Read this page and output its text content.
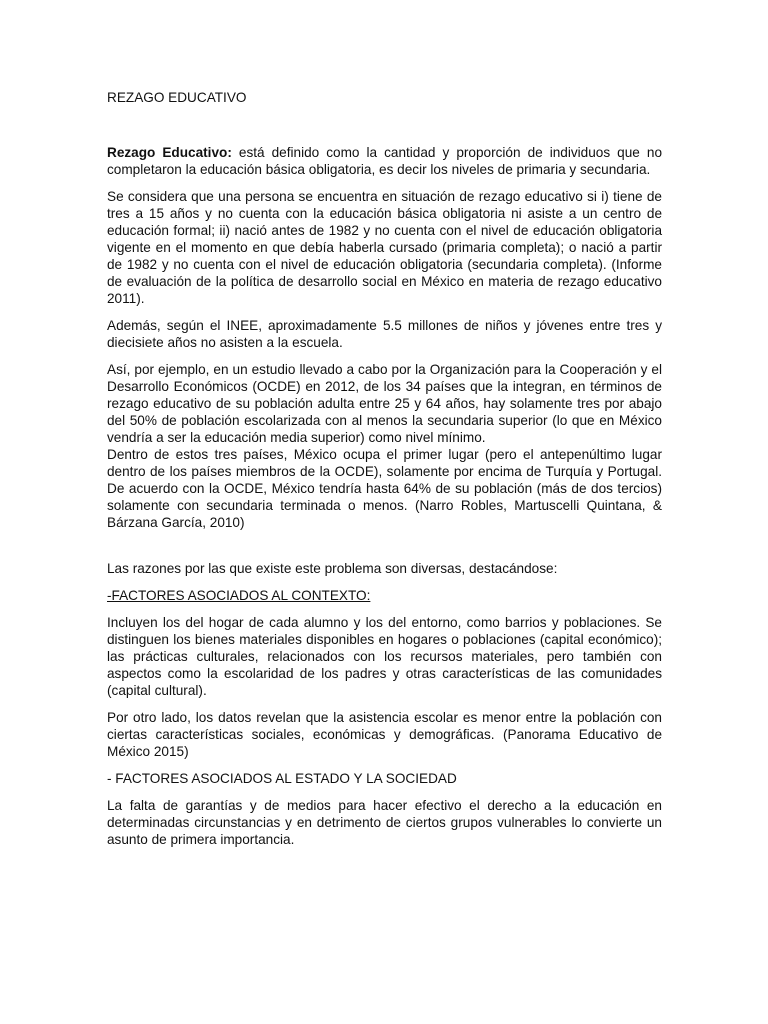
REZAGO EDUCATIVO

Rezago Educativo: está definido como la cantidad y proporción de individuos que no completaron la educación básica obligatoria, es decir los niveles de primaria y secundaria.

Se considera que una persona se encuentra en situación de rezago educativo si i) tiene de tres a 15 años y no cuenta con la educación básica obligatoria ni asiste a un centro de educación formal; ii) nació antes de 1982 y no cuenta con el nivel de educación obligatoria vigente en el momento en que debía haberla cursado (primaria completa); o nació a partir de 1982 y no cuenta con el nivel de educación obligatoria (secundaria completa). (Informe de evaluación de la política de desarrollo social en México en materia de rezago educativo 2011).

Además, según el INEE, aproximadamente 5.5 millones de niños y jóvenes entre tres y diecisiete años no asisten a la escuela.

Así, por ejemplo, en un estudio llevado a cabo por la Organización para la Cooperación y el Desarrollo Económicos (OCDE) en 2012, de los 34 países que la integran, en términos de rezago educativo de su población adulta entre 25 y 64 años, hay solamente tres por abajo del 50% de población escolarizada con al menos la secundaria superior (lo que en México vendría a ser la educación media superior) como nivel mínimo.

Dentro de estos tres países, México ocupa el primer lugar (pero el antepenúltimo lugar dentro de los países miembros de la OCDE), solamente por encima de Turquía y Portugal. De acuerdo con la OCDE, México tendría hasta 64% de su población (más de dos tercios) solamente con secundaria terminada o menos. (Narro Robles, Martuscelli Quintana, & Bárzana García, 2010)

Las razones por las que existe este problema son diversas, destacándose:

-FACTORES ASOCIADOS AL CONTEXTO:

Incluyen los del hogar de cada alumno y los del entorno, como barrios y poblaciones. Se distinguen los bienes materiales disponibles en hogares o poblaciones (capital económico); las prácticas culturales, relacionados con los recursos materiales, pero también con aspectos como la escolaridad de los padres y otras características de las comunidades (capital cultural).

Por otro lado, los datos revelan que la asistencia escolar es menor entre la población con ciertas características sociales, económicas y demográficas. (Panorama Educativo de México 2015)

- FACTORES ASOCIADOS AL ESTADO Y LA SOCIEDAD

La falta de garantías y de medios para hacer efectivo el derecho a la educación en determinadas circunstancias y en detrimento de ciertos grupos vulnerables lo convierte un asunto de primera importancia.
